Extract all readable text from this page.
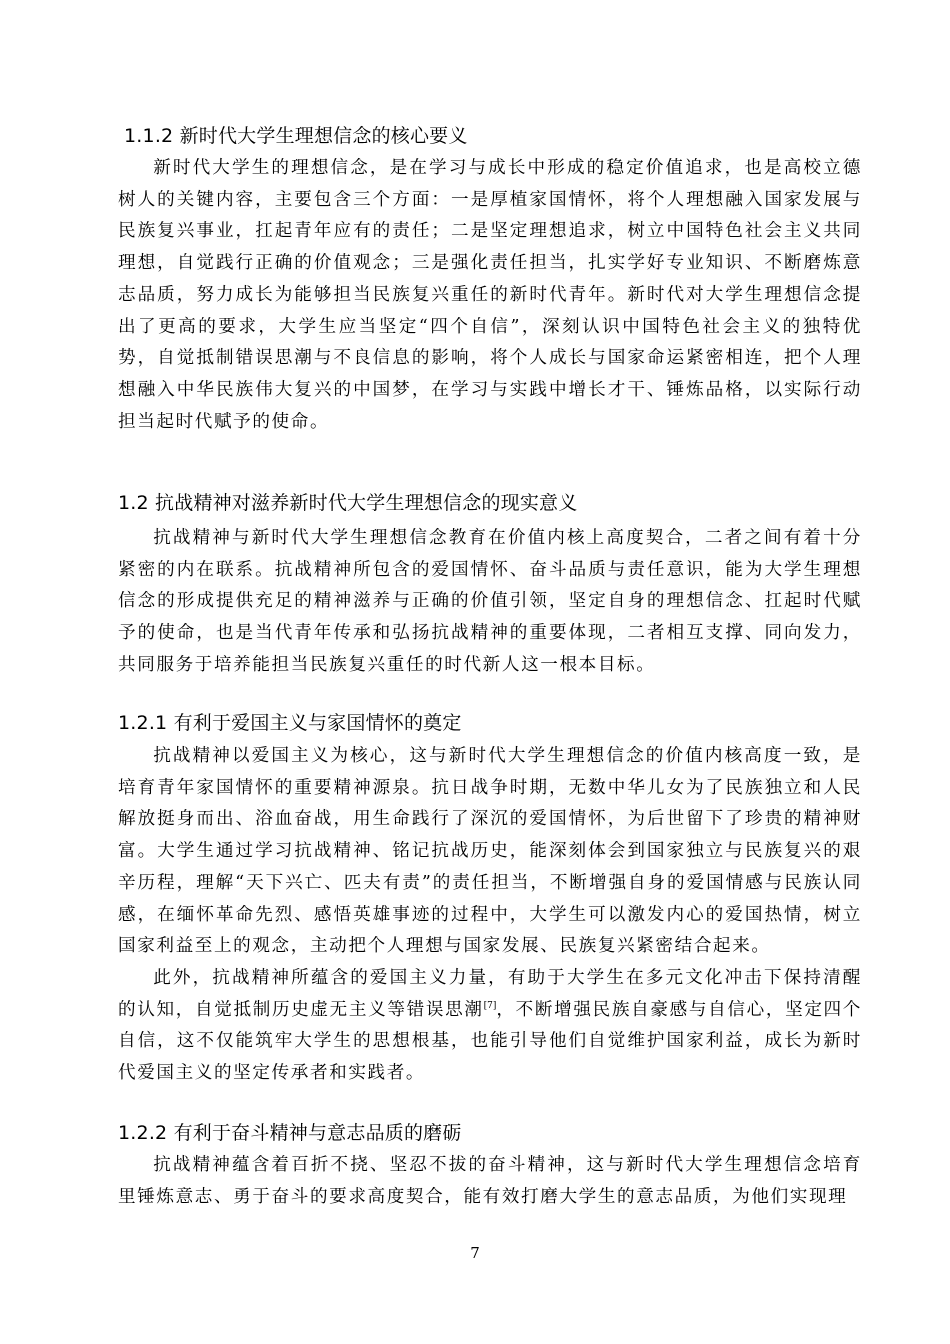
1.1.2 新时代大学生理想信念的核心要义

新时代大学生的理想信念，是在学习与成长中形成的稳定价值追求，也是高校立德树人的关键内容，主要包含三个方面：一是厚植家国情怀，将个人理想融入国家发展与民族复兴事业，扛起青年应有的责任；二是坚定理想追求，树立中国特色社会主义共同理想，自觉践行正确的价值观念；三是强化责任担当，扎实学好专业知识、不断磨炼意志品质，努力成长为能够担当民族复兴重任的新时代青年。新时代对大学生理想信念提出了更高的要求，大学生应当坚定“四个自信”，深刻认识中国特色社会主义的独特优势，自觉抵制错误思潮与不良信息的影响，将个人成长与国家命运紧密相连，把个人理想融入中华民族伟大复兴的中国梦，在学习与实践中增长才干、锤炼品格，以实际行动担当起时代赋予的使命。

1.2 抗战精神对滋养新时代大学生理想信念的现实意义

抗战精神与新时代大学生理想信念教育在价值内核上高度契合，二者之间有着十分紧密的内在联系。抗战精神所包含的爱国情怀、奋斗品质与责任意识，能为大学生理想信念的形成提供充足的精神滋养与正确的价值引领，坚定自身的理想信念、扛起时代赋予的使命，也是当代青年传承和弘扬抗战精神的重要体现，二者相互支撑、同向发力，共同服务于培养能担当民族复兴重任的时代新人这一根本目标。

1.2.1 有利于爱国主义与家国情怀的奠定

抗战精神以爱国主义为核心，这与新时代大学生理想信念的价值内核高度一致，是培育青年家国情怀的重要精神源泉。抗日战争时期，无数中华儿女为了民族独立和人民解放挺身而出、浴血奋战，用生命践行了深沉的爱国情怀，为后世留下了珍贵的精神财富。大学生通过学习抗战精神、铭记抗战历史，能深刻体会到国家独立与民族复兴的艰辛历程，理解“天下兴亡、匹夫有责”的责任担当，不断增强自身的爱国情感与民族认同感，在缅怀革命先烈、感悟英雄事迹的过程中，大学生可以激发内心的爱国热情，树立国家利益至上的观念，主动把个人理想与国家发展、民族复兴紧密结合起来。

此外，抗战精神所蕴含的爱国主义力量，有助于大学生在多元文化冲击下保持清醒的认知，自觉抵制历史虚无主义等错误思潮[7]，不断增强民族自豪感与自信心，坚定四个自信，这不仅能筑牢大学生的思想根基，也能引导他们自觉维护国家利益，成长为新时代爱国主义的坚定传承者和实践者。

1.2.2 有利于奋斗精神与意志品质的磨砺

抗战精神蕴含着百折不挠、坚忍不拔的奋斗精神，这与新时代大学生理想信念培育里锤炼意志、勇于奋斗的要求高度契合，能有效打磨大学生的意志品质，为他们实现理

7
